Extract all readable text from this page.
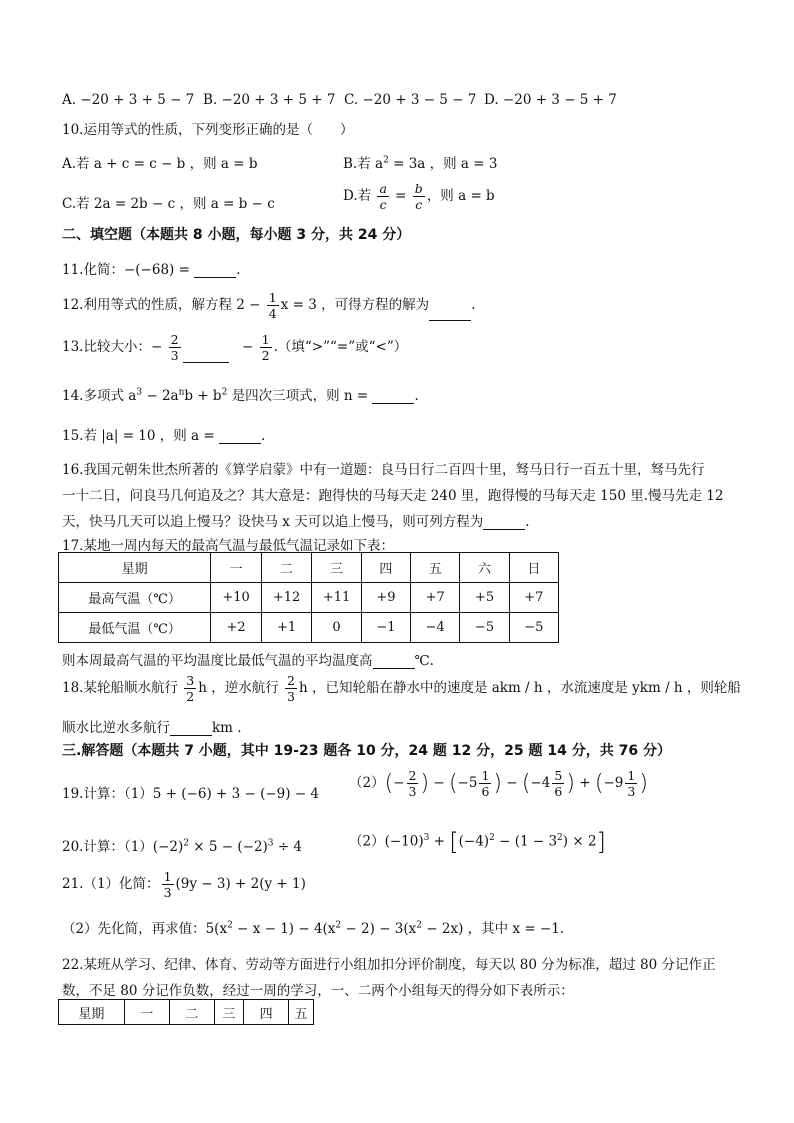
A. −20 + 3 + 5 − 7 B. −20 + 3 + 5 + 7 C. −20 + 3 − 5 − 7 D. −20 + 3 − 5 + 7
10.运用等式的性质，下列变形正确的是（　　）
A.若 a + c = c − b ，则 a = b	B.若 $a^2 = 3a$ ，则 a = 3
C.若 2a = 2b − c ，则 a = b − c	D.若 $\frac{a}{c} = \frac{b}{c}$ ，则 a = b
二、填空题（本题共 8 小题，每小题 3 分，共 24 分）
11.化简：−(−68) =	.
12.利用等式的性质，解方程 $2 - \frac{1}{4}$ x = 3 ，可得方程的解为	.
13.比较大小：− $\frac{2}{3}$	　− $\frac{1}{2}$ .（填“>”“=”或“<”）
14.多项式 $a^3 - 2a^nb + b^2$ 是四次三项式，则 n =	.
15.若 |a| = 10 ，则 a =	.
16.我国元朝朱世杰所著的《算学启蒙》中有一道题：良马日行二百四十里，驽马日行一百五十里，驽马先行
一十二日，问良马几何追及之？其大意是：跑得快的马每天走 240 里，跑得慢的马每天走 150 里.慢马先走 12
天，快马几天可以追上慢马？设快马 x 天可以追上慢马，则可列方程为	.
17.某地一周内每天的最高气温与最低气温记录如下表：
星期	一	二	三	四	五	六	日
最高气温（℃）	+10	+12	+11	+9	+7	+5	+7
最低气温（℃）	+2	+1	0	−1	−4	−5	−5
则本周最高气温的平均温度比最低气温的平均温度高	℃.
18.某轮船顺水航行 $\frac{3}{2}$ h ，逆水航行 $\frac{2}{3}$ h ，已知轮船在静水中的速度是 akm / h ，水流速度是 ykm / h ，则轮船
顺水比逆水多航行	km .
三.解答题（本题共 7 小题，其中 19-23 题各 10 分，24 题 12 分，25 题 14 分，共 76 分）
19.计算：（1）5 + (−6) + 3 − (−9) − 4
$(2)(- \frac{2}{3}$ ) − ($-5 \frac{1}{6}$ ) − ($-4 \frac{5}{6}$ ) + ($-9 \frac{1}{3}$ )
20.计算：$(1)(-2)^2 \times 5 - (-2)^3 \div 4$	$(2)(-10)^3 + [(-4)^2 - (1 - 3^2) \times 2]$
21.（1）化简： $\frac{1}{3} (9y - 3) + 2(y + 1)$
（2）先化简，再求值：$5(x^2 - x - 1) - 4(x^2 - 2) - 3(x^2 - 2x)$ ，其中 x = −1.
22.某班从学习、纪律、体育、劳动等方面进行小组加扣分评价制度，每天以 80 分为标准，超过 80 分记作正
数，不足 80 分记作负数，经过一周的学习，一、二两个小组每天的得分如下表所示：
星期	一	二	三	四	五
